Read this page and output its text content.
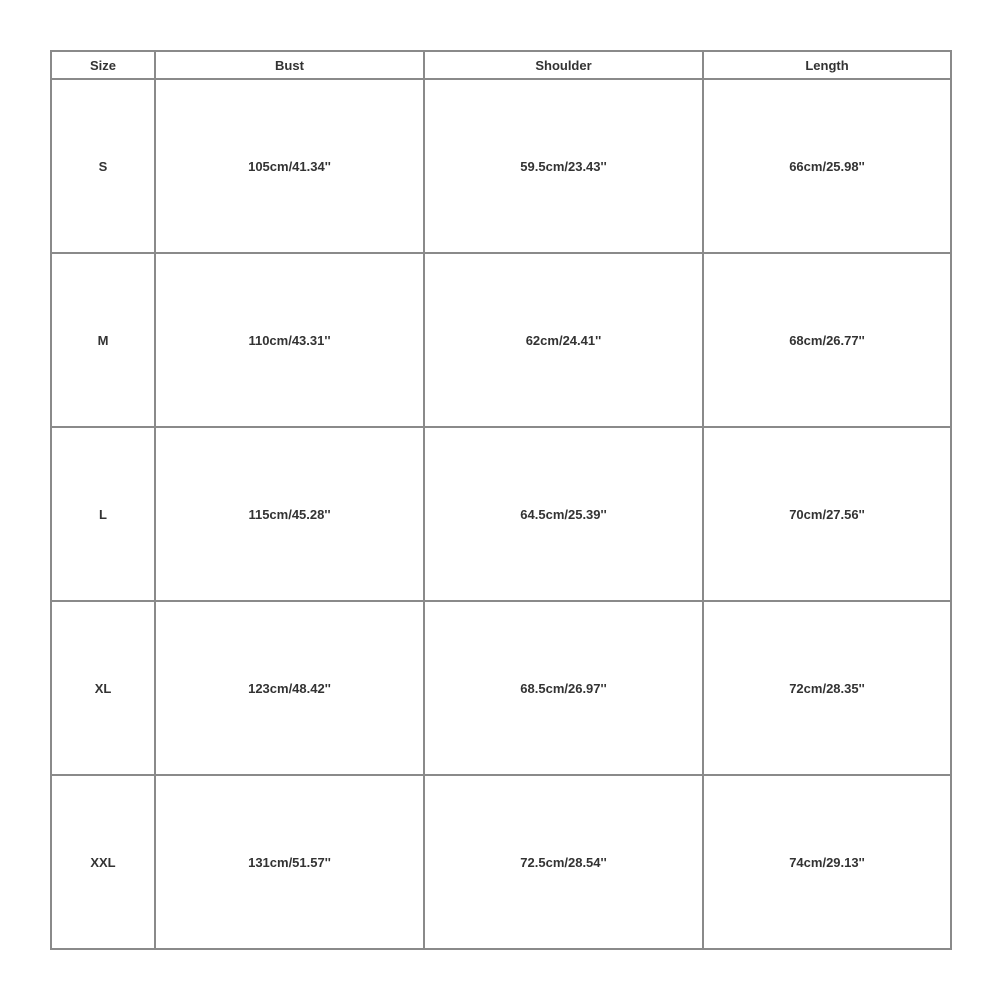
Size	Bust	Shoulder	Length
S	105cm/41.34''	59.5cm/23.43''	66cm/25.98''
M	110cm/43.31''	62cm/24.41''	68cm/26.77''
L	115cm/45.28''	64.5cm/25.39''	70cm/27.56''
XL	123cm/48.42''	68.5cm/26.97''	72cm/28.35''
XXL	131cm/51.57''	72.5cm/28.54''	74cm/29.13''
